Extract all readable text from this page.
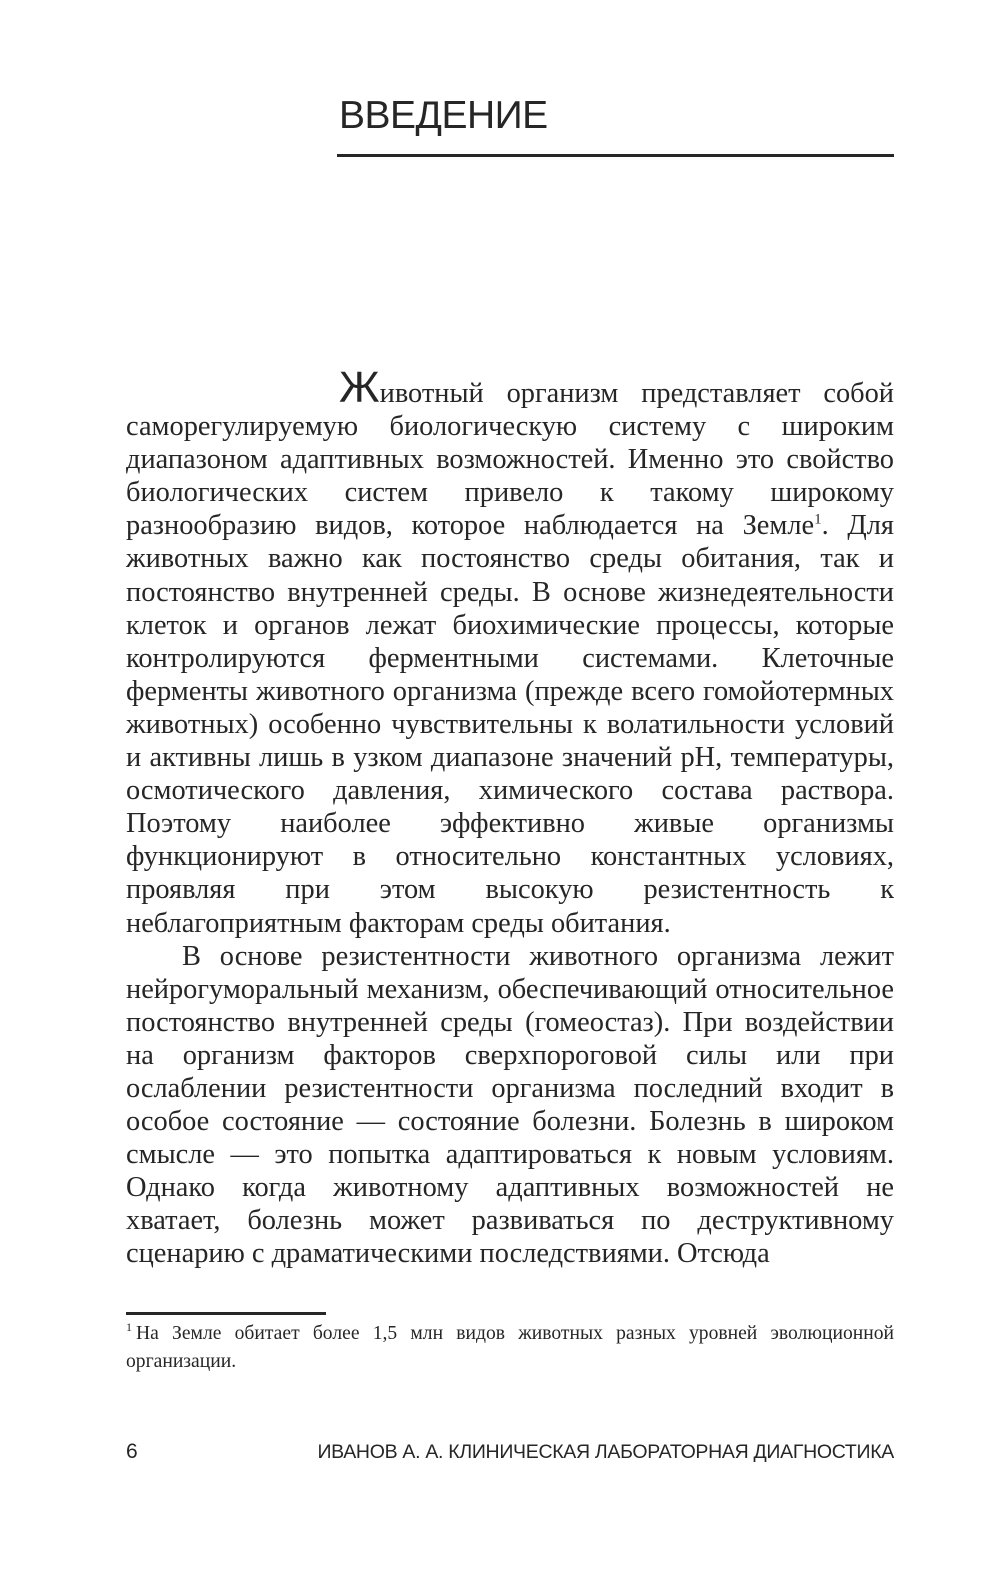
ВВЕДЕНИЕ

Животный организм представляет собой саморегулируемую биологическую систему с широким диапазоном адаптивных возможностей. Именно это свойство биологических систем привело к такому широкому разнообразию видов, которое наблюдается на Земле$^1$. Для животных важно как постоянство среды обитания, так и постоянство внутренней среды. В основе жизнедеятельности клеток и органов лежат биохимические процессы, которые контролируются ферментными системами. Клеточные ферменты животного организма (прежде всего гомойотермных животных) особенно чувствительны к волатильности условий и активны лишь в узком диапазоне значений pH, температуры, осмотического давления, химического состава раствора. Поэтому наиболее эффективно живые организмы функционируют в относительно константных условиях, проявляя при этом высокую резистентность к неблагоприятным факторам среды обитания.

В основе резистентности животного организма лежит нейрогуморальный механизм, обеспечивающий относительное постоянство внутренней среды (гомеостаз). При воздействии на организм факторов сверхпороговой силы или при ослаблении резистентности организма последний входит в особое состояние — состояние болезни. Болезнь в широком смысле — это попытка адаптироваться к новым условиям. Однако когда животному адаптивных возможностей не хватает, болезнь может развиваться по деструктивному сценарию с драматическими последствиями. Отсюда

$^1$ На Земле обитает более 1,5 млн видов животных разных уровней эволюционной организации.

6	ИВАНОВ А. А. КЛИНИЧЕСКАЯ ЛАБОРАТОРНАЯ ДИАГНОСТИКА
